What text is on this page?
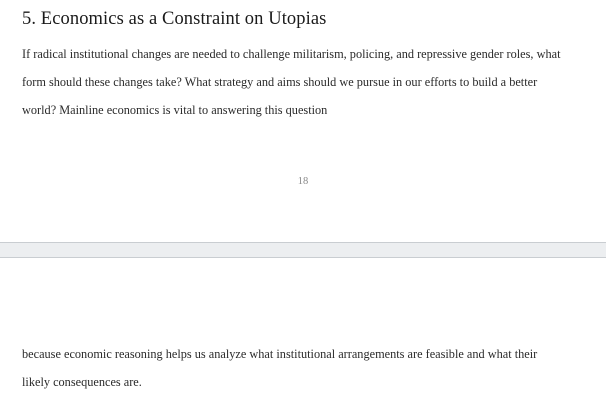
5. Economics as a Constraint on Utopias

If radical institutional changes are needed to challenge militarism, policing, and repressive gender roles, what form should these changes take? What strategy and aims should we pursue in our efforts to build a better world? Mainline economics is vital to answering this question

18

because economic reasoning helps us analyze what institutional arrangements are feasible and what their likely consequences are.
